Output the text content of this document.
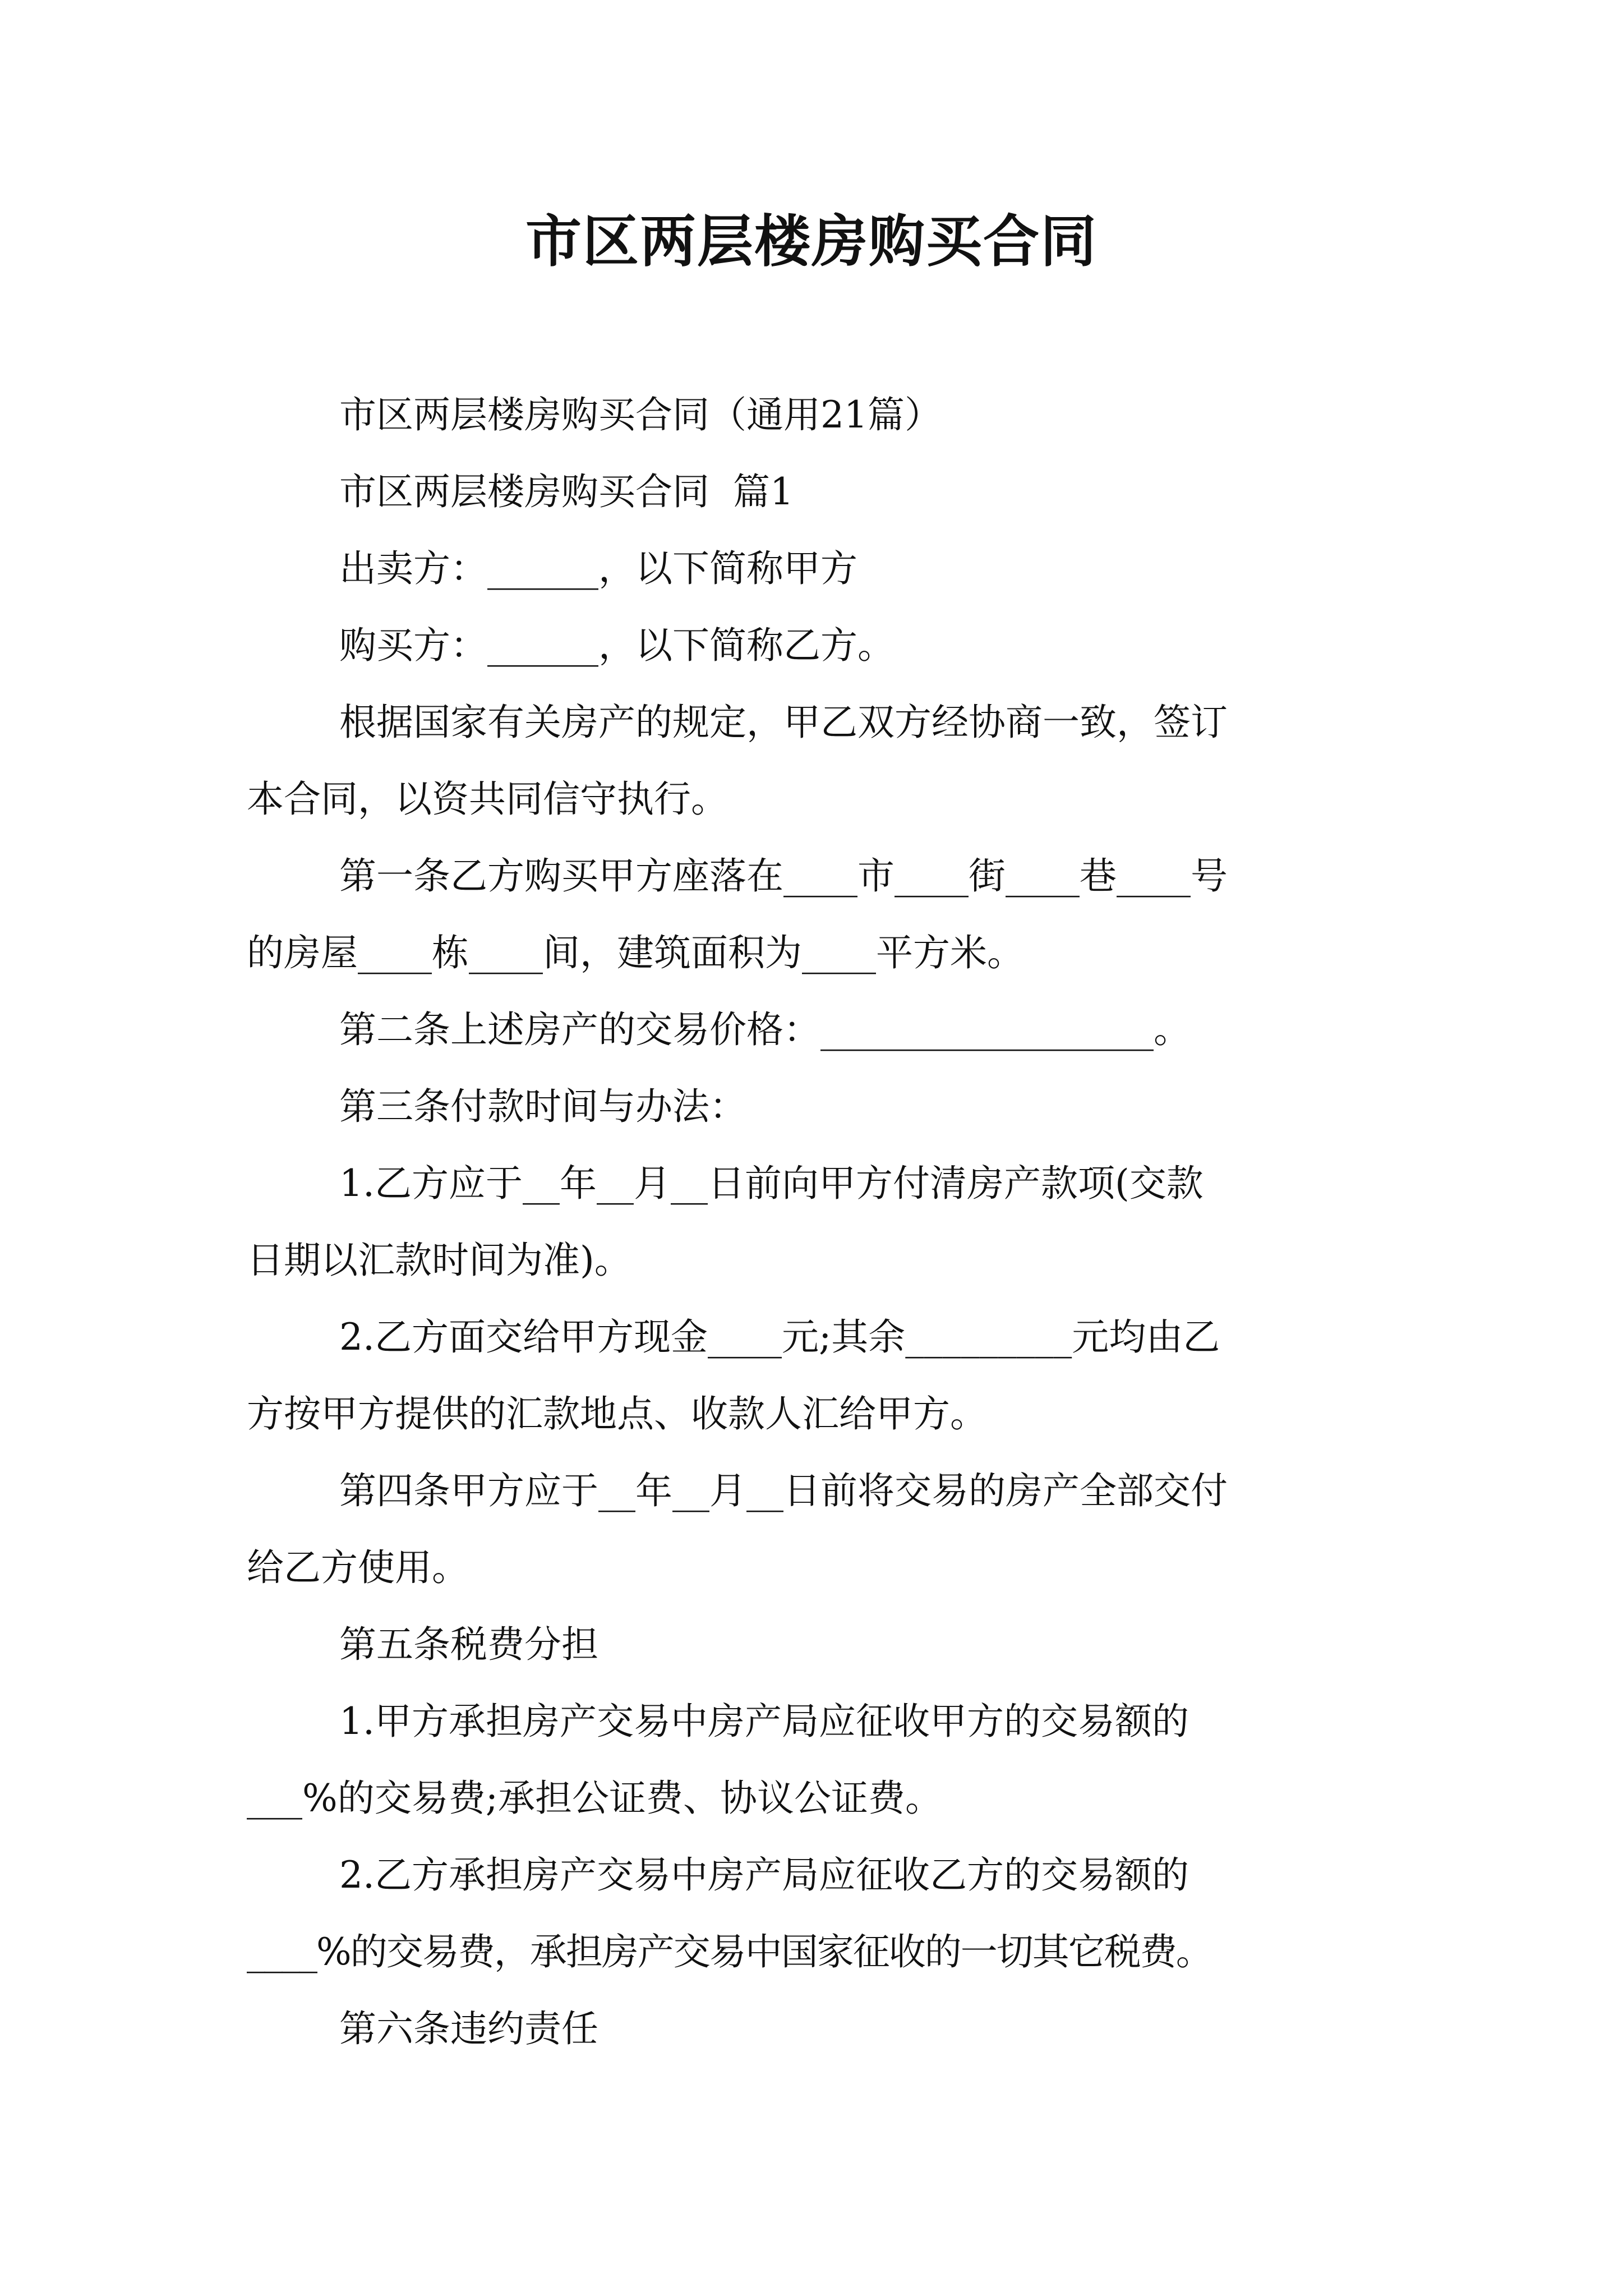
市区两层楼房购买合同
市区两层楼房购买合同（通用21篇）
市区两层楼房购买合同  篇1
出卖方：______，以下简称甲方
购买方：______，以下简称乙方。
根据国家有关房产的规定，甲乙双方经协商一致，签订
本合同，以资共同信守执行。
第一条乙方购买甲方座落在____市____街____巷____号
的房屋____栋____间，建筑面积为____平方米。
第二条上述房产的交易价格：__________________。
第三条付款时间与办法：
1.乙方应于__年__月__日前向甲方付清房产款项(交款
日期以汇款时间为准)。
2.乙方面交给甲方现金____元;其余_________元均由乙
方按甲方提供的汇款地点、收款人汇给甲方。
第四条甲方应于__年__月__日前将交易的房产全部交付
给乙方使用。
第五条税费分担
1.甲方承担房产交易中房产局应征收甲方的交易额的
___%的交易费;承担公证费、协议公证费。
2.乙方承担房产交易中房产局应征收乙方的交易额的
____%的交易费，承担房产交易中国家征收的一切其它税费。
第六条违约责任
